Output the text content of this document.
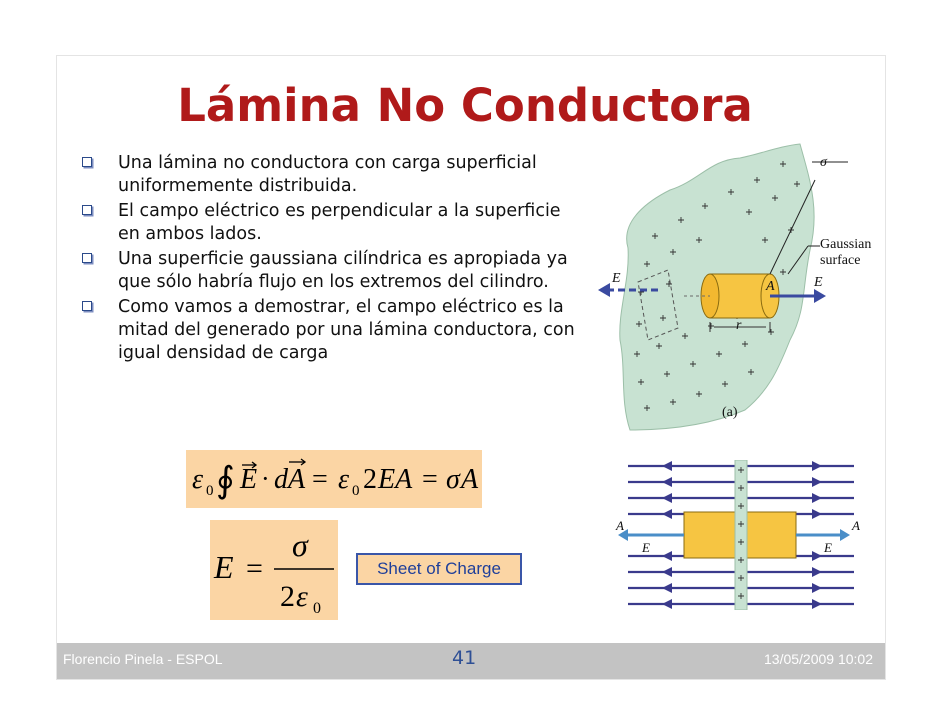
Lámina No Conductora
Una lámina no conductora con carga superficial uniformemente distribuida.
El campo eléctrico es perpendicular a la superficie en ambos lados.
Una superficie gaussiana cilíndrica es apropiada ya que sólo habría flujo en los extremos del cilindro.
Como vamos a demostrar, el campo eléctrico es la mitad del generado por una lámina conductora, con igual densidad de carga
ε 0 ∮ E · dA = ε 0 2 EA = σ A
E =
σ
2 ε 0
Sheet of Charge
σ
Gaussian
surface
E	E
A
r
(a)
A	A
E	E
Florencio Pinela - ESPOL	41	13/05/2009 10:02
